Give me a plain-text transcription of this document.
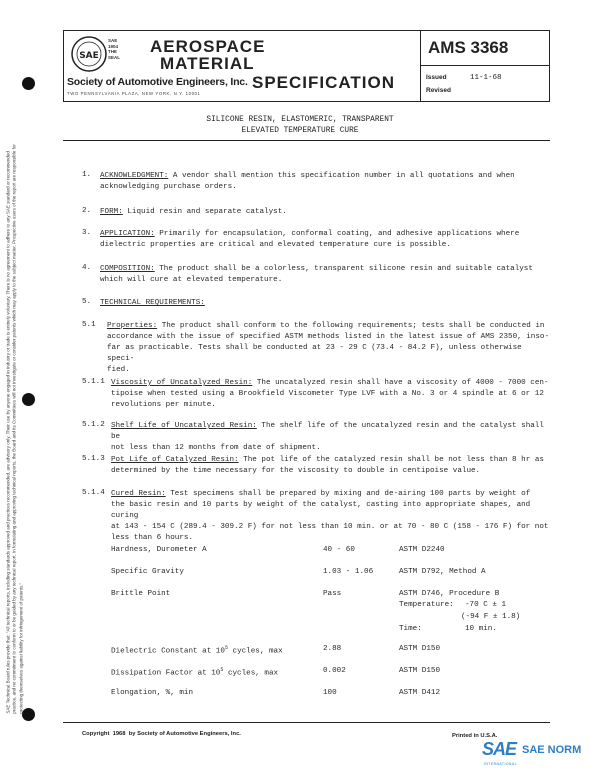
SAE
SAE
1904
THE
SEAL
AEROSPACE
MATERIAL
SPECIFICATION
Society of Automotive Engineers, Inc.
TWO PENNSYLVANIA PLAZA, NEW YORK, N.Y. 10001
AMS 3368
Issued	11-1-68
Revised
SILICONE RESIN, ELASTOMERIC, TRANSPARENT
ELEVATED TEMPERATURE CURE
SAE Technical Board rules provide that: "All technical reports, including standards approved and practices recommended, are advisory only. Their use by anyone engaged in industry or trade is entirely voluntary. There is no agreement to adhere to any SAE standard or recommended practice, and no commitment to conform to or be guided by any technical report. In formulating and approving technical reports, the Board and its Committees will not investigate or consider patents which may apply to the subject matter. Prospective users of the report are responsible for protecting themselves against liability for infringement of patents."
1. ACKNOWLEDGMENT: A vendor shall mention this specification number in all quotations and when
acknowledging purchase orders.
2. FORM: Liquid resin and separate catalyst.
3. APPLICATION: Primarily for encapsulation, conformal coating, and adhesive applications where
dielectric properties are critical and elevated temperature cure is possible.
4. COMPOSITION: The product shall be a colorless, transparent silicone resin and suitable catalyst
which will cure at elevated temperature.
5. TECHNICAL REQUIREMENTS:
5.1 Properties: The product shall conform to the following requirements; tests shall be conducted in
accordance with the issue of specified ASTM methods listed in the latest issue of AMS 2350, inso-
far as practicable. Tests shall be conducted at 23 - 29 C (73.4 - 84.2 F), unless otherwise speci-
fied.
5.1.1 Viscosity of Uncatalyzed Resin: The uncatalyzed resin shall have a viscosity of 4000 - 7000 cen-
tipoise when tested using a Brookfield Viscometer Type LVF with a No. 3 or 4 spindle at 6 or 12
revolutions per minute.
5.1.2 Shelf Life of Uncatalyzed Resin: The shelf life of the uncatalyzed resin and the catalyst shall be
not less than 12 months from date of shipment.
5.1.3 Pot Life of Catalyzed Resin: The pot life of the catalyzed resin shall be not less than 8 hr as
determined by the time necessary for the viscosity to double in centipoise value.
5.1.4 Cured Resin: Test specimens shall be prepared by mixing and de-airing 100 parts by weight of
the basic resin and 10 parts by weight of the catalyst, casting into appropriate shapes, and curing
at 143 - 154 C (289.4 - 309.2 F) for not less than 10 min. or at 70 - 80 C (158 - 176 F) for not
less than 6 hours.
Hardness, Durometer A	40 - 60	ASTM D2240
Specific Gravity	1.03 - 1.06	ASTM D792, Method A
Brittle Point	Pass	ASTM D746, Procedure B
Temperature: -70 C ± 1
(-94 F ± 1.8)
Time:	10 min.
Dielectric Constant at $10^5$ cycles, max	2.88	ASTM D150
Dissipation Factor at $10^5$ cycles, max	0.002	ASTM D150
Elongation, %, min	100	ASTM D412
Copyright  1968  by Society of Automotive Engineers, Inc.	Printed in U.S.A.
SAE SAE NORM
INTERNATIONAL
